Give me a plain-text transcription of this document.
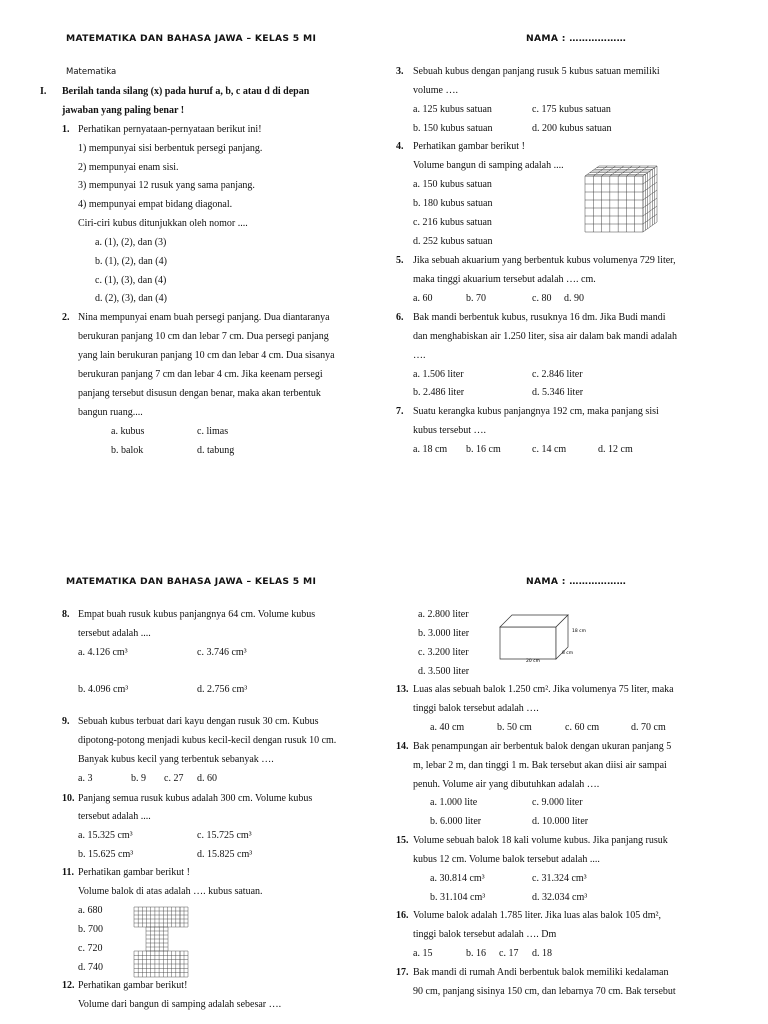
MATEMATIKA DAN BAHASA JAWA – KELAS 5 MI	NAMA : ………………
Matematika
I. Berilah tanda silang (x) pada huruf a, b, c atau d di depan
jawaban yang paling benar !
1. Perhatikan pernyataan-pernyataan berikut ini!
1) mempunyai sisi berbentuk persegi panjang.
2) mempunyai enam sisi.
3) mempunyai 12 rusuk yang sama panjang.
4) mempunyai empat bidang diagonal.
Ciri-ciri kubus ditunjukkan oleh nomor ....
a. (1), (2), dan (3)
b. (1), (2), dan (4)
c. (1), (3), dan (4)
d. (2), (3), dan (4)
2. Nina mempunyai enam buah persegi panjang. Dua diantaranya
berukuran panjang 10 cm dan lebar 7 cm. Dua persegi panjang
yang lain berukuran panjang 10 cm dan lebar 4 cm. Dua sisanya
berukuran panjang 7 cm dan lebar 4 cm. Jika keenam persegi
panjang tersebut disusun dengan benar, maka akan terbentuk
bangun ruang....
a. kubus	c. limas
b. balok	d. tabung
3. Sebuah kubus dengan panjang rusuk 5 kubus satuan memiliki
volume ….
a. 125 kubus satuan	c. 175 kubus satuan
b. 150 kubus satuan	d. 200 kubus satuan
4. Perhatikan gambar berikut !
Volume bangun di samping adalah ....
a. 150 kubus satuan
b. 180 kubus satuan
c. 216 kubus satuan
d. 252 kubus satuan
5. Jika sebuah akuarium yang berbentuk kubus volumenya 729 liter,
maka tinggi akuarium tersebut adalah …. cm.
a. 60	b. 70	c. 80 d. 90
6. Bak mandi berbentuk kubus, rusuknya 16 dm. Jika Budi mandi
dan menghabiskan air 1.250 liter, sisa air dalam bak mandi adalah
….
a. 1.506 liter	c. 2.846 liter
b. 2.486 liter	d. 5.346 liter
7. Suatu kerangka kubus panjangnya 192 cm, maka panjang sisi
kubus tersebut ….
a. 18 cm b. 16 cm	c. 14 cm	d. 12 cm
MATEMATIKA DAN BAHASA JAWA – KELAS 5 MI	NAMA : ………………
8. Empat buah rusuk kubus panjangnya 64 cm. Volume kubus
tersebut adalah ....
a. 4.126 cm³	c. 3.746 cm³
b. 4.096 cm³	d. 2.756 cm³
9. Sebuah kubus terbuat dari kayu dengan rusuk 30 cm. Kubus
dipotong-potong menjadi kubus kecil-kecil dengan rusuk 10 cm.
Banyak kubus kecil yang terbentuk sebanyak ….
a. 3	b. 9 c. 27 d. 60
10. Panjang semua rusuk kubus adalah 300 cm. Volume kubus
tersebut adalah ....
a. 15.325 cm³	c. 15.725 cm³
b. 15.625 cm³	d. 15.825 cm³
11. Perhatikan gambar berikut !
Volume balok di atas adalah …. kubus satuan.
a. 680
b. 700
c. 720
d. 740
12. Perhatikan gambar berikut!
Volume dari bangun di samping adalah sebesar ….
a. 2.800 liter
b. 3.000 liter
c. 3.200 liter
d. 3.500 liter
18 cm
8 cm
20 cm
13. Luas alas sebuah balok 1.250 cm². Jika volumenya 75 liter, maka
tinggi balok tersebut adalah ….
a. 40 cm	b. 50 cm	c. 60 cm	d. 70 cm
14. Bak penampungan air berbentuk balok dengan ukuran panjang 5
m, lebar 2 m, dan tinggi 1 m. Bak tersebut akan diisi air sampai
penuh. Volume air yang dibutuhkan adalah ….
a. 1.000 lite	c. 9.000 liter
b. 6.000 liter	d. 10.000 liter
15. Volume sebuah balok 18 kali volume kubus. Jika panjang rusuk
kubus 12 cm. Volume balok tersebut adalah ....
a. 30.814 cm³	c. 31.324 cm³
b. 31.104 cm³	d. 32.034 cm³
16. Volume balok adalah 1.785 liter. Jika luas alas balok 105 dm²,
tinggi balok tersebut adalah …. Dm
a. 15	b. 16 c. 17 d. 18
17. Bak mandi di rumah Andi berbentuk balok memiliki kedalaman
90 cm, panjang sisinya 150 cm, dan lebarnya 70 cm. Bak tersebut
